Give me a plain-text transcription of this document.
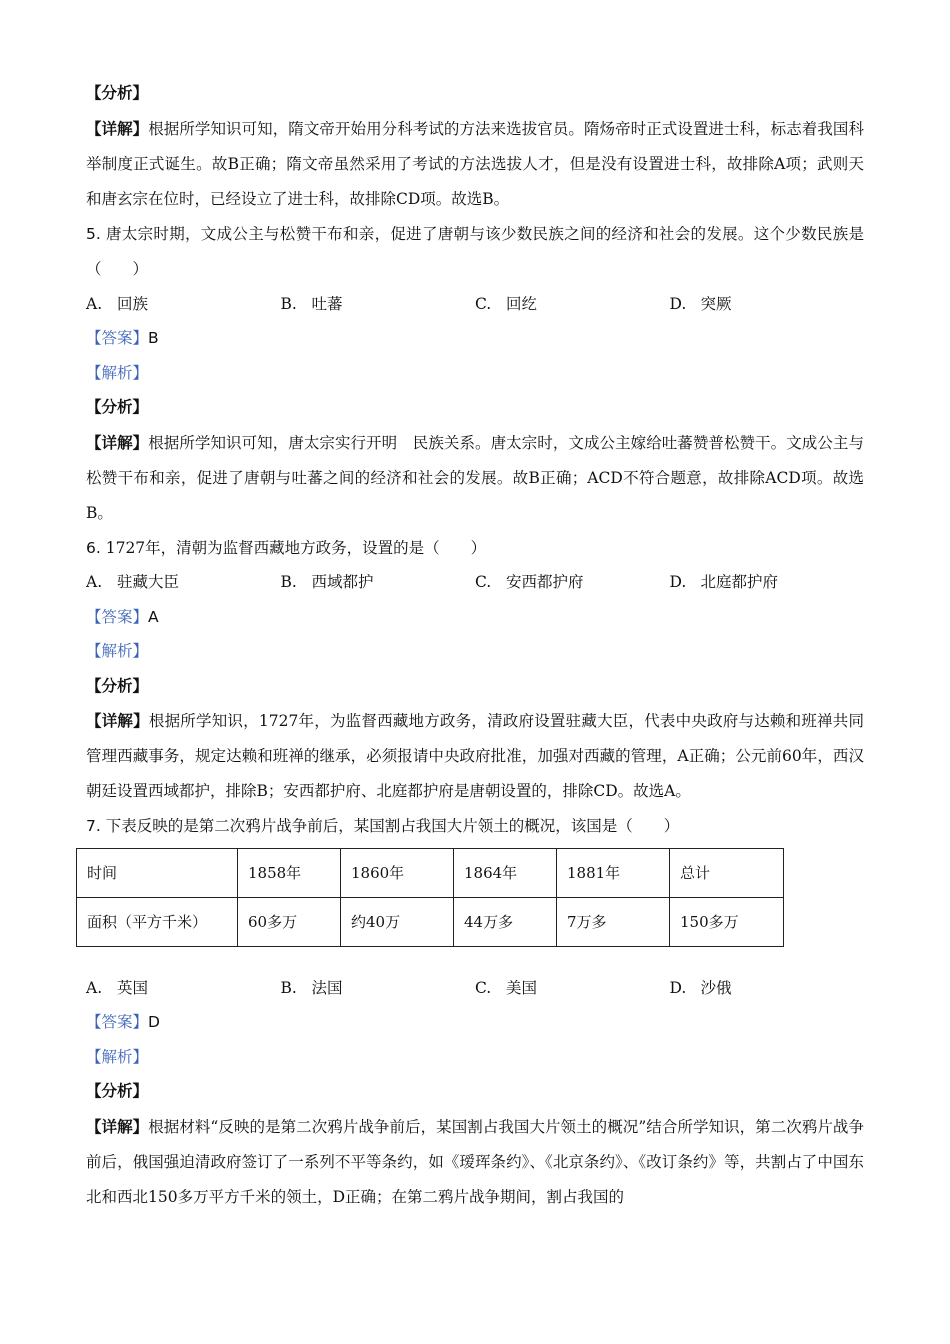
【分析】
【详解】根据所学知识可知，隋文帝开始用分科考试的方法来选拔官员。隋炀帝时正式设置进士科，标志着我国科举制度正式诞生。故B正确；隋文帝虽然采用了考试的方法选拔人才，但是没有设置进士科，故排除A项；武则天和唐玄宗在位时，已经设立了进士科，故排除CD项。故选B。
5. 唐太宗时期，文成公主与松赞干布和亲，促进了唐朝与该少数民族之间的经济和社会的发展。这个少数民族是（　　）
A. 回族	B. 吐蕃	C. 回纥	D. 突厥
【答案】B
【解析】
【分析】
【详解】根据所学知识可知，唐太宗实行开明　民族关系。唐太宗时，文成公主嫁给吐蕃赞普松赞干。文成公主与松赞干布和亲，促进了唐朝与吐蕃之间的经济和社会的发展。故B正确；ACD不符合题意，故排除ACD项。故选B。
6. 1727年，清朝为监督西藏地方政务，设置的是（　　）
A. 驻藏大臣	B. 西域都护	C. 安西都护府	D. 北庭都护府
【答案】A
【解析】
【分析】
【详解】根据所学知识，1727年，为监督西藏地方政务，清政府设置驻藏大臣，代表中央政府与达赖和班禅共同管理西藏事务，规定达赖和班禅的继承，必须报请中央政府批准，加强对西藏的管理，A正确；公元前60年，西汉朝廷设置西域都护，排除B；安西都护府、北庭都护府是唐朝设置的，排除CD。故选A。
7. 下表反映的是第二次鸦片战争前后，某国割占我国大片领土的概况，该国是（　　）
时间	1858年	1860年	1864年	1881年	总计
面积（平方千米）	60多万	约40万	44万多	7万多	150多万
A. 英国	B. 法国	C. 美国	D. 沙俄
【答案】D
【解析】
【分析】
【详解】根据材料“反映的是第二次鸦片战争前后，某国割占我国大片领土的概况”结合所学知识，第二次鸦片战争前后，俄国强迫清政府签订了一系列不平等条约，如《瑷珲条约》、《北京条约》、《改订条约》等，共割占了中国东北和西北150多万平方千米的领土，D正确；在第二鸦片战争期间，割占我国的
